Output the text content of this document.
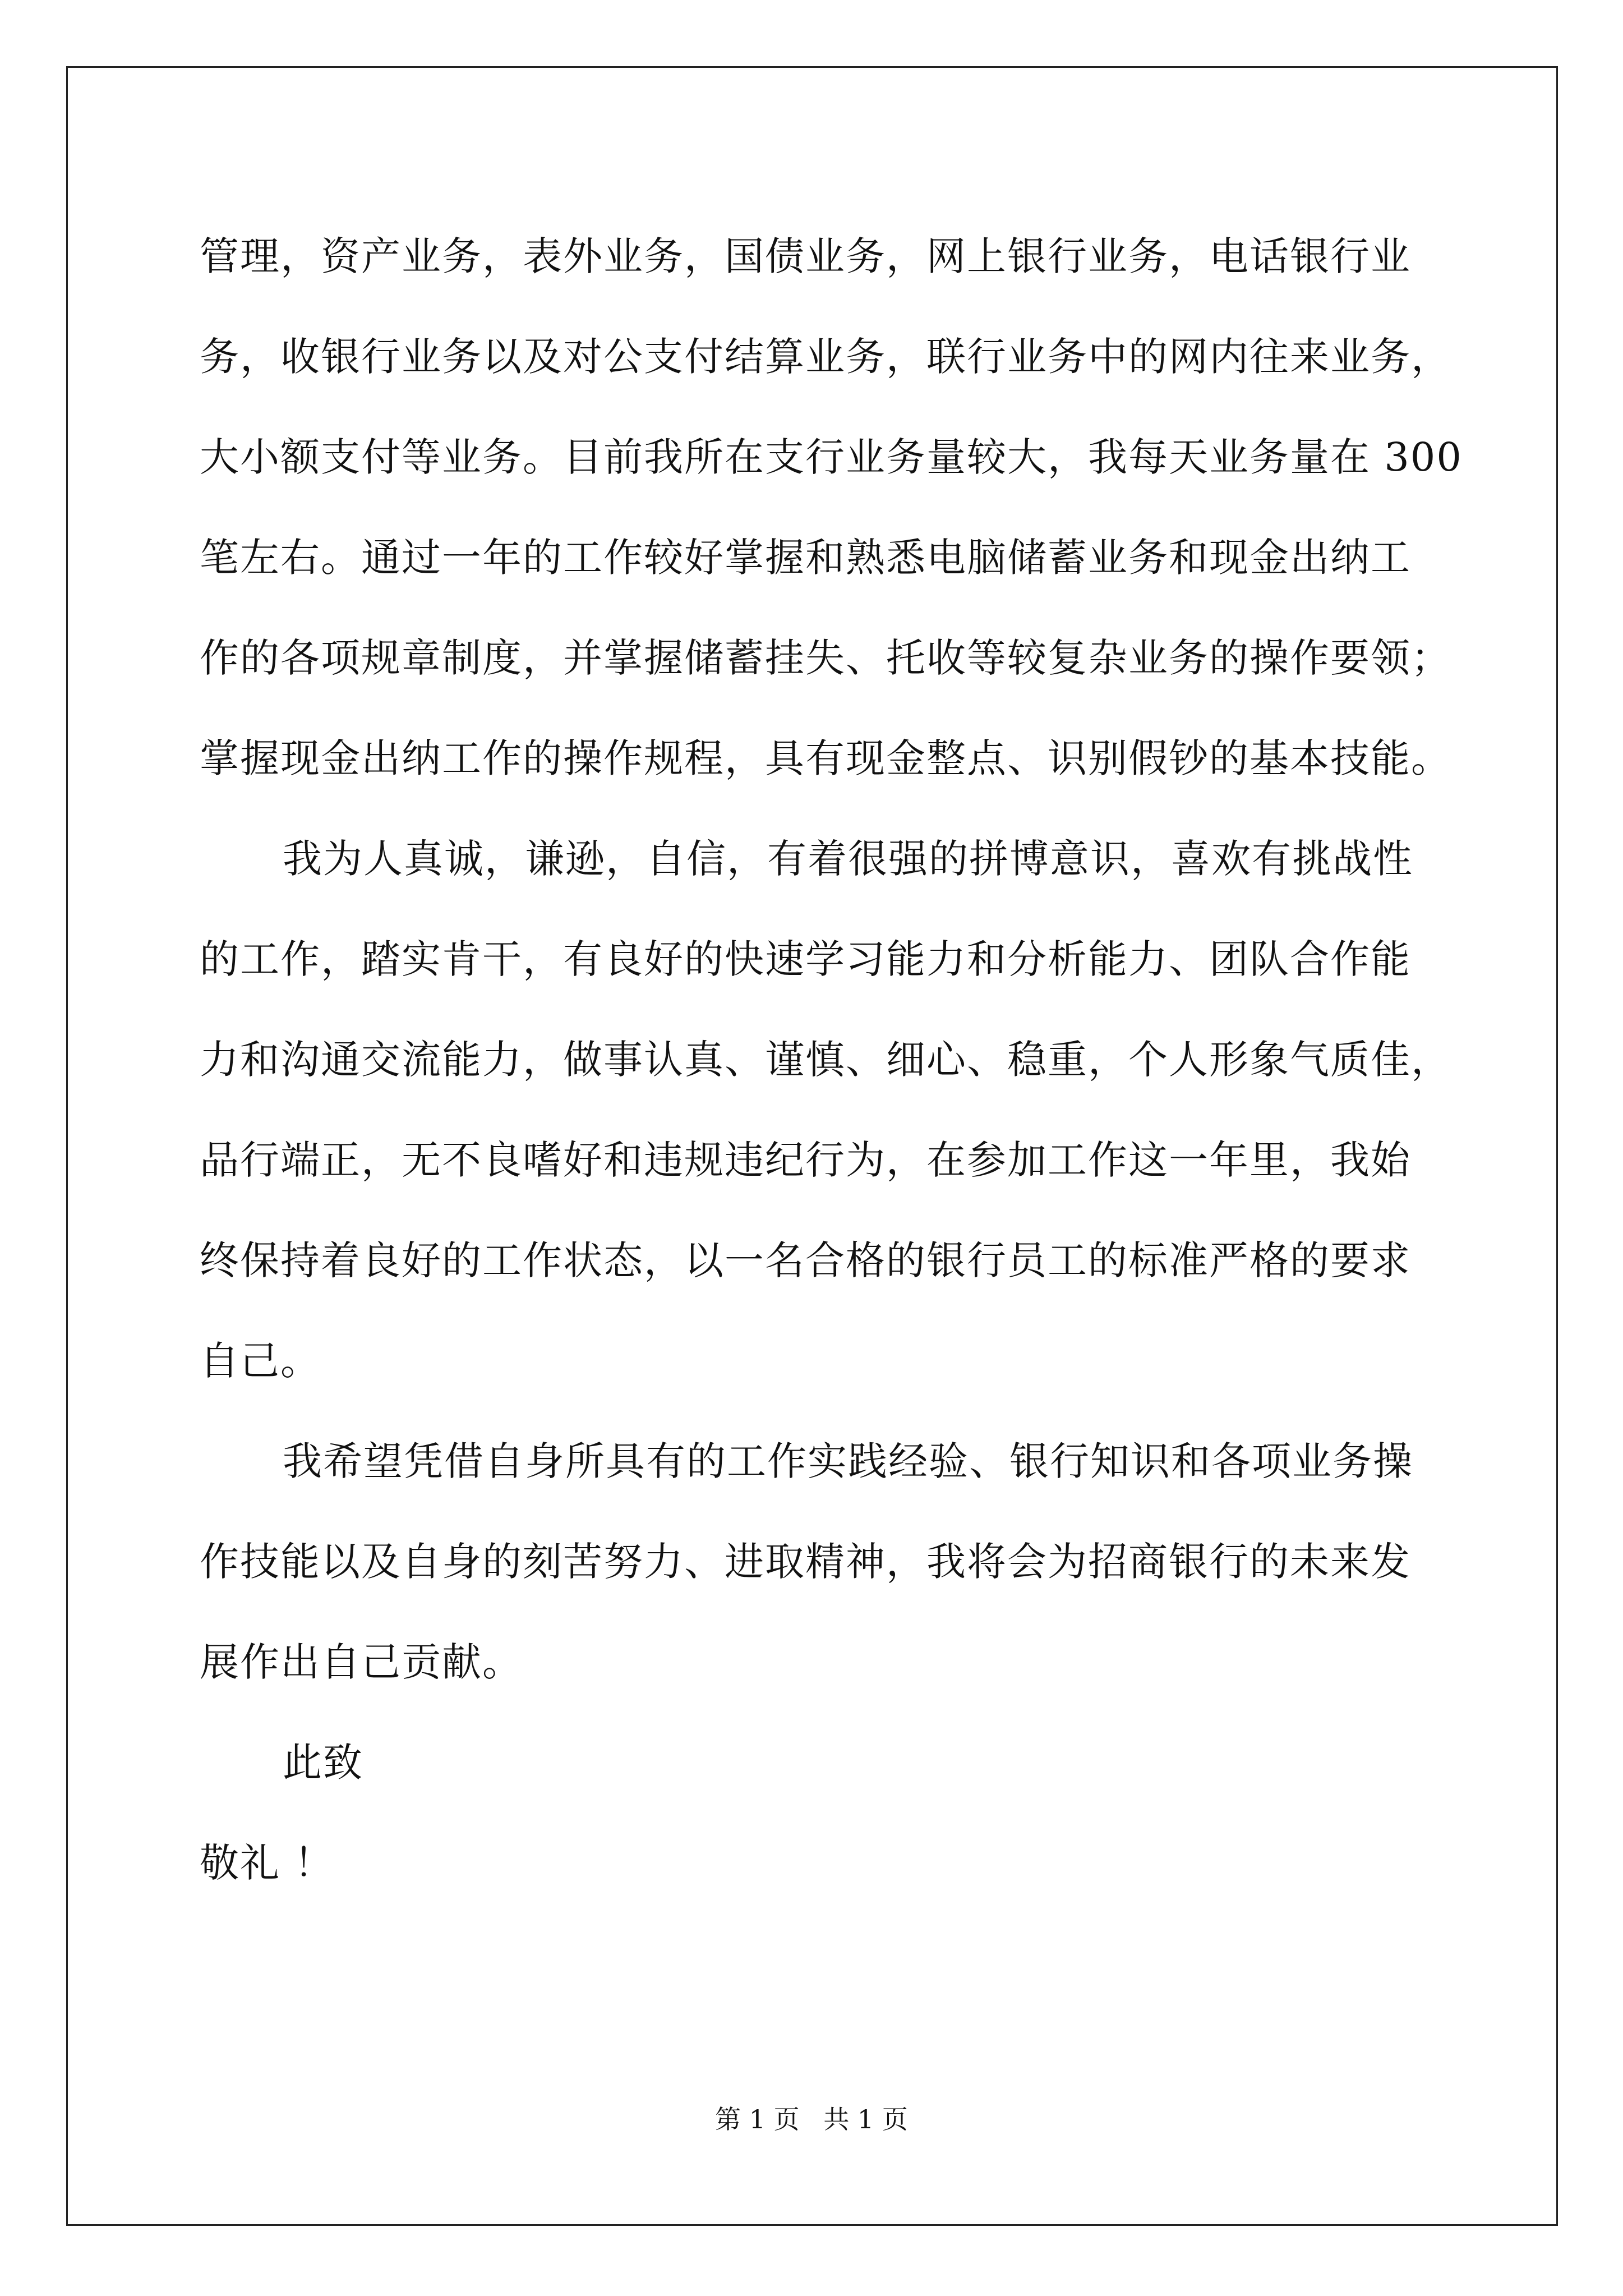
管理，资产业务，表外业务，国债业务，网上银行业务，电话银行业
务，收银行业务以及对公支付结算业务，联行业务中的网内往来业务，
大小额支付等业务。目前我所在支行业务量较大，我每天业务量在 300
笔左右。通过一年的工作较好掌握和熟悉电脑储蓄业务和现金出纳工
作的各项规章制度，并掌握储蓄挂失、托收等较复杂业务的操作要领；
掌握现金出纳工作的操作规程，具有现金整点、识别假钞的基本技能。
我为人真诚，谦逊，自信，有着很强的拼博意识，喜欢有挑战性
的工作，踏实肯干，有良好的快速学习能力和分析能力、团队合作能
力和沟通交流能力，做事认真、谨慎、细心、稳重，个人形象气质佳，
品行端正，无不良嗜好和违规违纪行为，在参加工作这一年里，我始
终保持着良好的工作状态，以一名合格的银行员工的标准严格的要求
自己。
我希望凭借自身所具有的工作实践经验、银行知识和各项业务操
作技能以及自身的刻苦努力、进取精神，我将会为招商银行的未来发
展作出自己贡献。
此致
敬礼 ！
第 1 页 共 1 页
